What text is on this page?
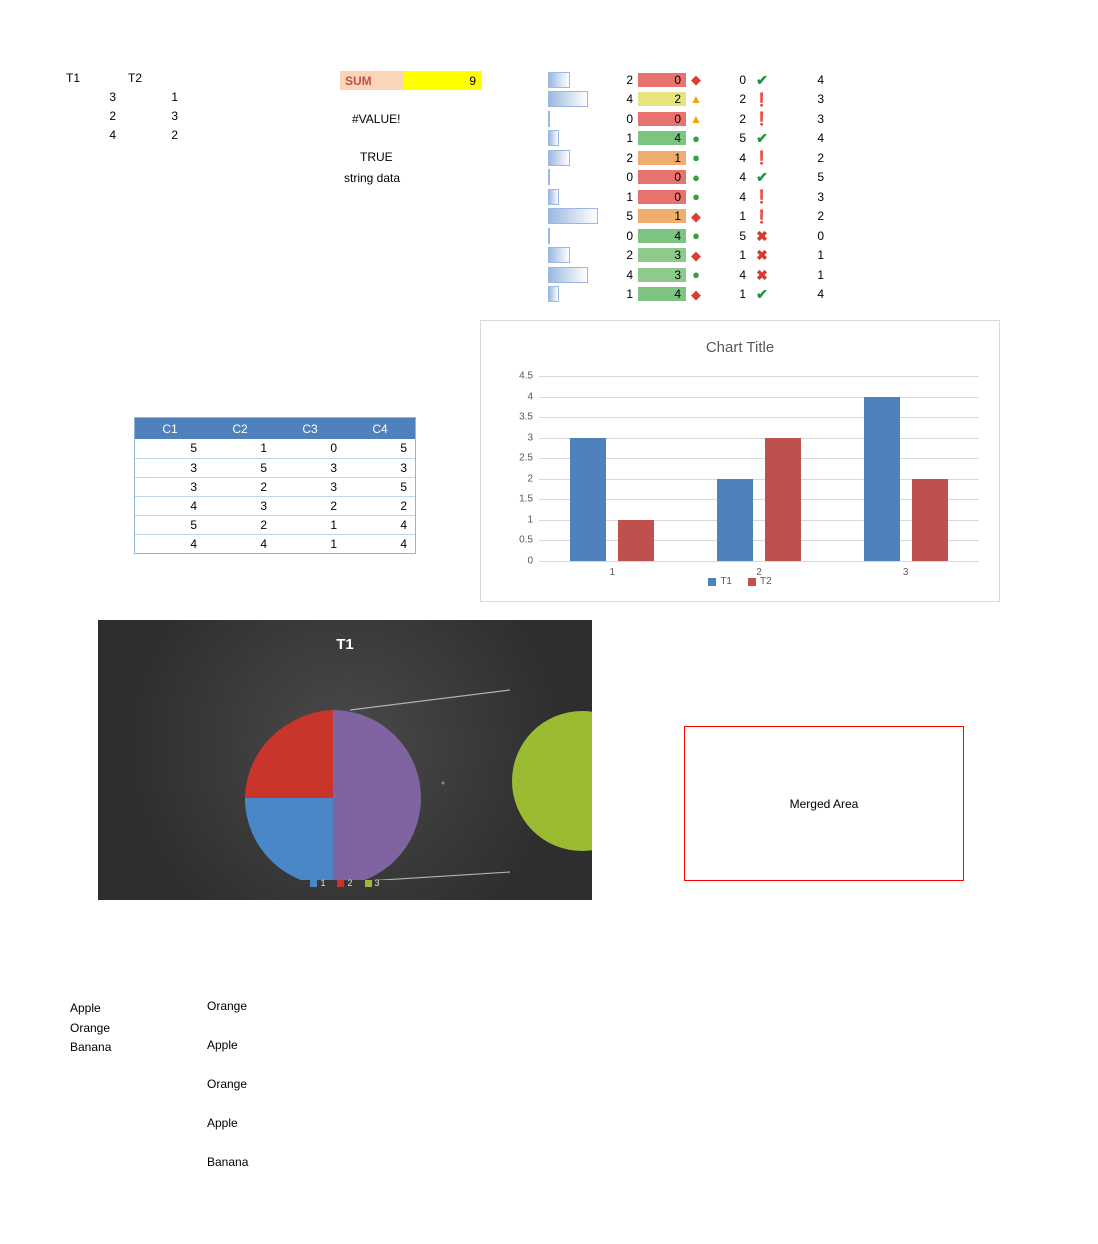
T1	T2
3	1
2	3
4	2
SUM	9
#VALUE!
TRUE
string data
2	0 ◆	0 ✔	4
4	2 ▲	2 ❗	3
0	0 ▲	2 ❗	3
1	4 ●	5 ✔	4
2	1 ●	4 ❗	2
0	0 ●	4 ✔	5
1	0 ●	4 ❗	3
5	1 ◆	1 ❗	2
0	4 ●	5 ✖	0
2	3 ◆	1 ✖	1
4	3 ●	4 ✖	1
1	4 ◆	1 ✔	4
C1	C2	C3	C4
5	1	0	5
3	5	3	3
3	2	3	5
4	3	2	2
5	2	1	4
4	4	1	4
Chart Title
0
0.5
1
1.5
2
2.5
3
3.5
4
4.5
1	2	3
T1	T2
T1
1 2 3
Merged Area
Apple
Orange
Banana
Orange
Apple
Orange
Apple
Banana
